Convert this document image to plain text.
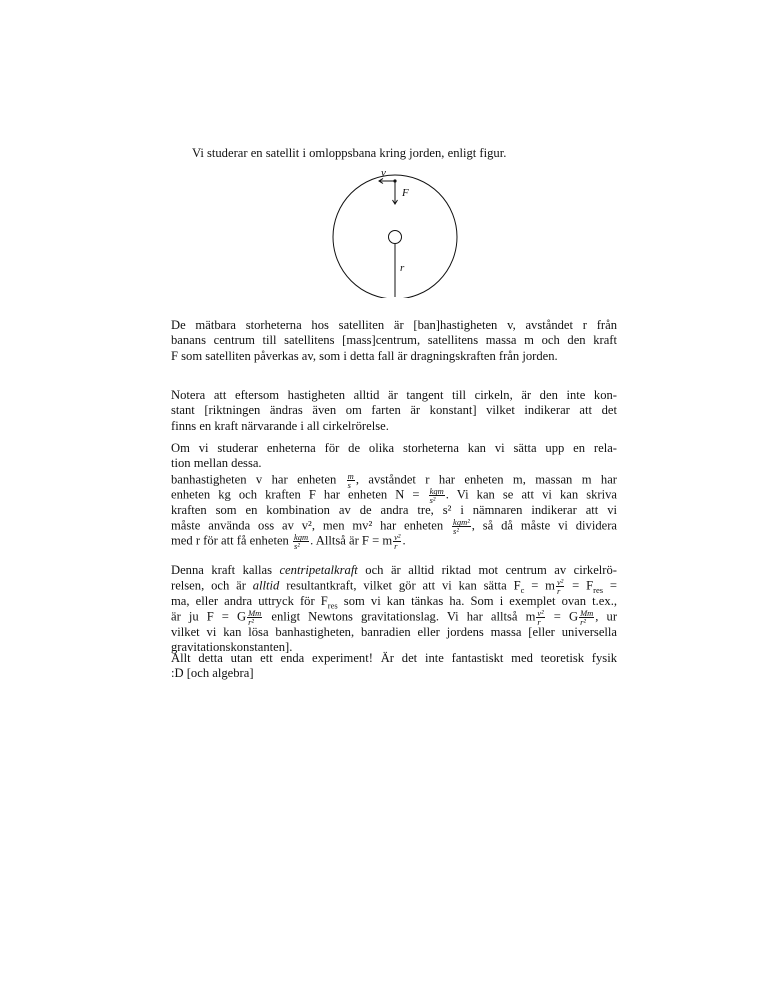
Vi studerar en satellit i omloppsbana kring jorden, enligt figur.
v
F
r
De mätbara storheterna hos satelliten är [ban]hastigheten v, avståndet r från
banans centrum till satellitens [mass]centrum, satellitens massa m och den kraft
F som satelliten påverkas av, som i detta fall är dragningskraften från jorden.
Notera att eftersom hastigheten alltid är tangent till cirkeln, är den inte kon-
stant [riktningen ändras även om farten är konstant] vilket indikerar att det
finns en kraft närvarande i all cirkelrörelse.
Om vi studerar enheterna för de olika storheterna kan vi sätta upp en rela-
tion mellan dessa.
banhastigheten v har enheten $\frac{m}{s}$ , avståndet r har enheten m, massan m har
enheten kg och kraften F har enheten $N = \frac{\text{kgm}}{\text{s²}}$ . Vi kan se att vi kan skriva
kraften som en kombination av de andra tre, s² i nämnaren indikerar att vi
måste använda oss av v², men mv² har enheten $\frac{\text{kgm²}}{\text{s²}}$ , så då måste vi dividera
med r för att få enheten $\frac{\text{kgm}}{\text{s²}}$ . Alltså är F = m $\frac{\text{v²}}{r}$ .
Denna kraft kallas centripetalkraft och är alltid riktad mot centrum av cirkelrö-
relsen, och är alltid resultantkraft, vilket gör att vi kan sätta $F_c = m \frac{\text{v²}}{r} = F_{res}$ =
ma, eller andra uttryck för $F_{res}$ som vi kan tänkas ha. Som i exemplet ovan t.ex.,
är ju F = G $\frac{Mm}{\text{r²}}$ enligt Newtons gravitationslag. Vi har alltså m $\frac{\text{v²}}{r} = G \frac{Mm}{\text{r²}}$ , ur
vilket vi kan lösa banhastigheten, banradien eller jordens massa [eller universella
gravitationskonstanten].
Allt detta utan ett enda experiment! Är det inte fantastiskt med teoretisk fysik
:D [och algebra]
